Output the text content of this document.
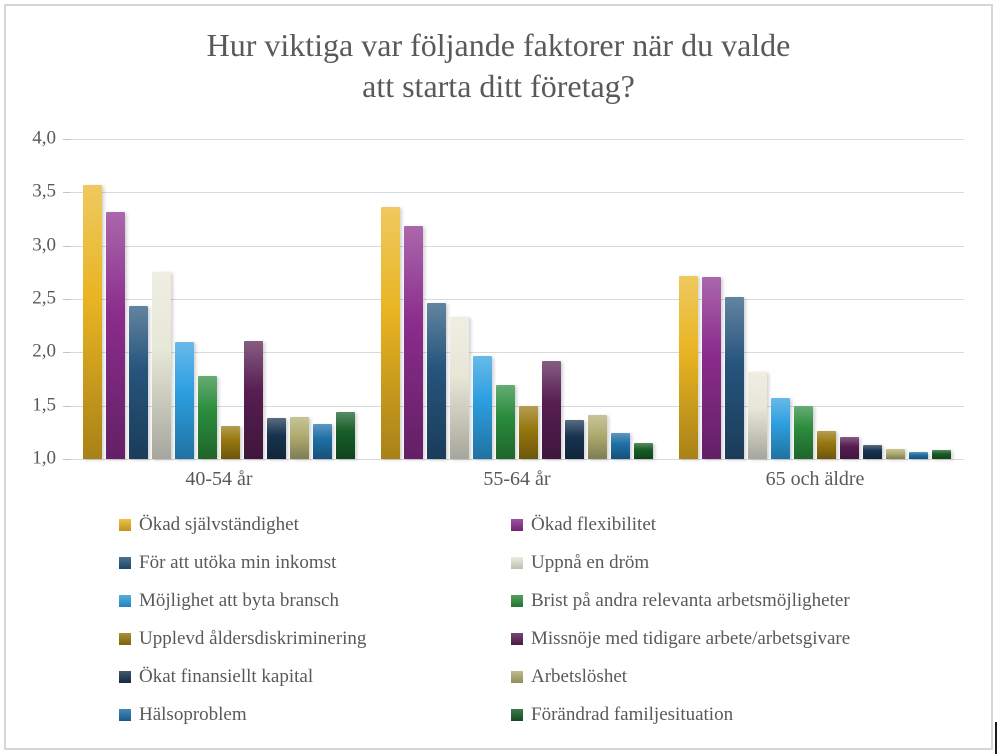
Hur viktiga var följande faktorer när du valde
att starta ditt företag?
4,0
3,5
3,0
2,5
2,0
1,5
1,0
40-54 år	55-64 år	65 och äldre
Ökad självständighet	Ökad flexibilitet
För att utöka min inkomst	Uppnå en dröm
Möjlighet att byta bransch	Brist på andra relevanta arbetsmöjligheter
Upplevd åldersdiskriminering	Missnöje med tidigare arbete/arbetsgivare
Ökat finansiellt kapital	Arbetslöshet
Hälsoproblem	Förändrad familjesituation
